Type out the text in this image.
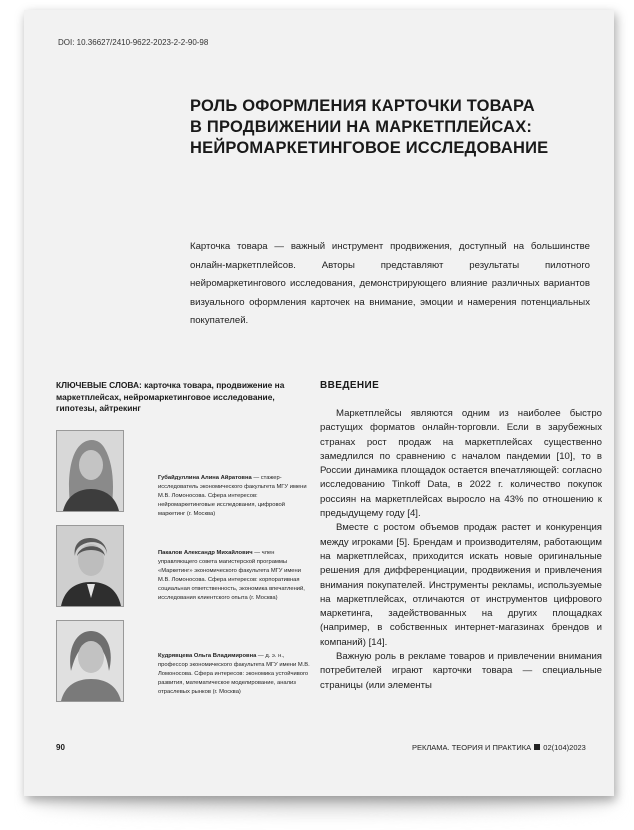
DOI: 10.36627/2410-9622-2023-2-2-90-98
РОЛЬ ОФОРМЛЕНИЯ КАРТОЧКИ ТОВАРА
В ПРОДВИЖЕНИИ НА МАРКЕТПЛЕЙСАХ:
НЕЙРОМАРКЕТИНГОВОЕ ИССЛЕДОВАНИЕ
Карточка товара — важный инструмент продвижения, доступный на большинстве онлайн-маркетплейсов. Авторы представляют результаты пилотного нейромаркетингового исследования, демонстрирующего влияние различных вариантов визуального оформления карточек на внимание, эмоции и намерения потенциальных покупателей.
КЛЮЧЕВЫЕ СЛОВА: карточка товара, продвижение на маркетплейсах, нейромаркетинговое исследование, гипотезы, айтрекинг
Губайдуллина Алина Айратовна — стажер-исследователь экономического факультета МГУ имени М.В. Ломоносова. Сфера интересов: нейромаркетинговые исследования, цифровой маркетинг (г. Москва)
Пакалов Александр Михайлович — член управляющего совета магистерской программы «Маркетинг» экономического факультета МГУ имени М.В. Ломоносова. Сфера интересов: корпоративная социальная ответственность, экономика впечатлений, исследования клиентского опыта (г. Москва)
Кудрявцева Ольга Владимировна — д. э. н., профессор экономического факультета МГУ имени М.В. Ломоносова. Сфера интересов: экономика устойчивого развития, математическое моделирование, анализ отраслевых рынков (г. Москва)
ВВЕДЕНИЕ

Маркетплейсы являются одним из наиболее быстро растущих форматов онлайн-торговли. Если в зарубежных странах рост продаж на маркетплейсах существенно замедлился по сравнению с началом пандемии [10], то в России динамика площадок остается впечатляющей: согласно исследованию Tinkoff Data, в 2022 г. количество покупок россиян на маркетплейсах выросло на 43% по отношению к предыдущему году [4].

Вместе с ростом объемов продаж растет и конкуренция между игроками [5]. Брендам и производителям, работающим на маркетплейсах, приходится искать новые оригинальные решения для дифференциации, продвижения и привлечения внимания покупателей. Инструменты рекламы, используемые на маркетплейсах, отличаются от инструментов цифрового маркетинга, задействованных на других площадках (например, в собственных интернет-магазинах брендов и компаний) [14].

Важную роль в рекламе товаров и привлечении внимания потребителей играют карточки товара — специальные страницы (или элементы

90	РЕКЛАМА. ТЕОРИЯ И ПРАКТИКА 02(104)2023
